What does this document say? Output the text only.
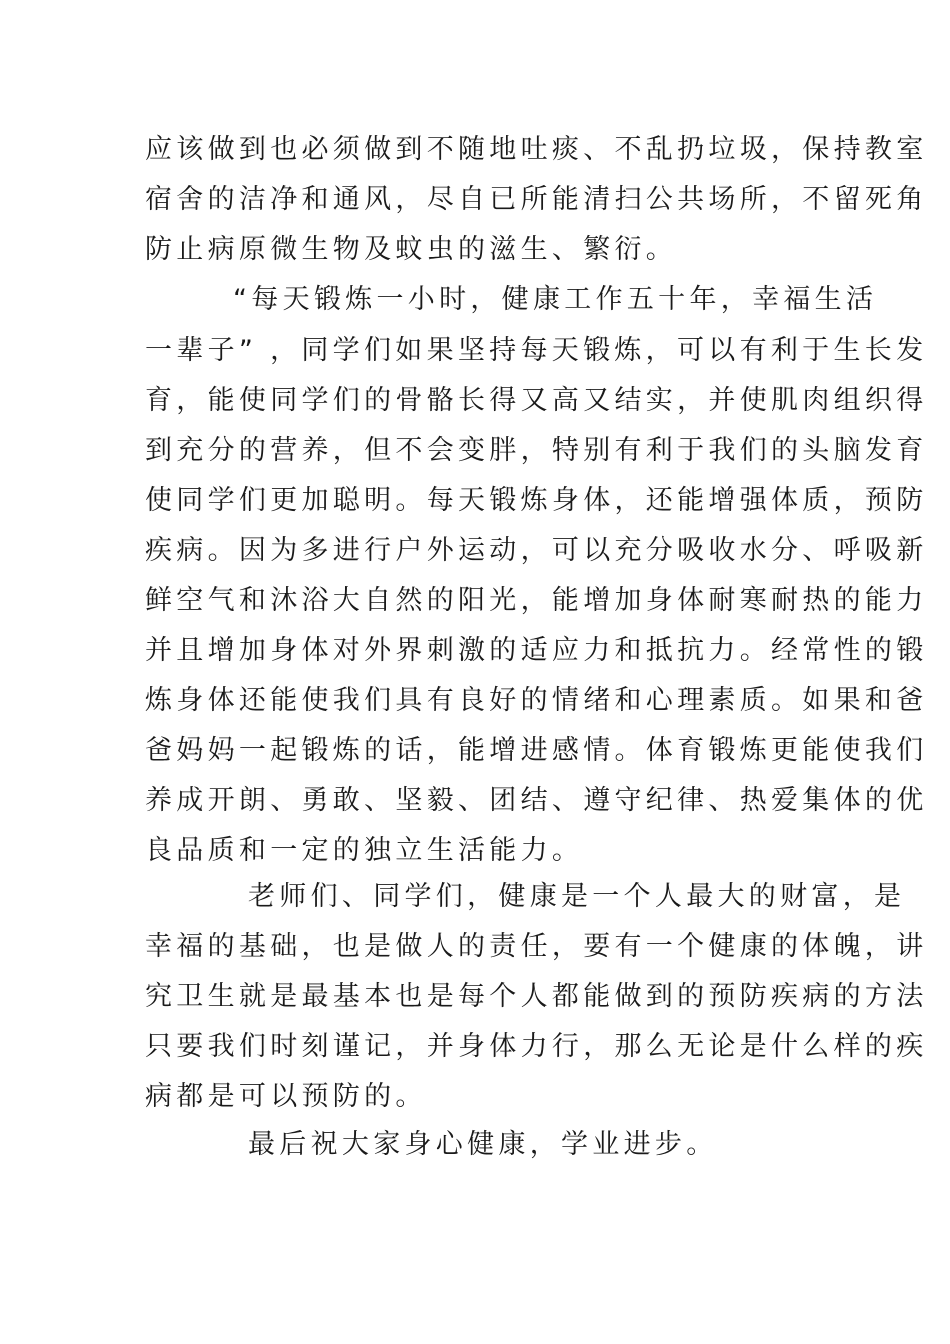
应该做到也必须做到不随地吐痰、不乱扔垃圾，保持教室
宿舍的洁净和通风，尽自已所能清扫公共场所，不留死角
防止病原微生物及蚊虫的滋生、繁衍。
“每天锻炼一小时，健康工作五十年，幸福生活
一辈子” ，同学们如果坚持每天锻炼，可以有利于生长发
育，能使同学们的骨骼长得又高又结实，并使肌肉组织得
到充分的营养，但不会变胖，特别有利于我们的头脑发育
使同学们更加聪明。每天锻炼身体，还能增强体质，预防
疾病。因为多进行户外运动，可以充分吸收水分、呼吸新
鲜空气和沐浴大自然的阳光，能增加身体耐寒耐热的能力
并且增加身体对外界刺激的适应力和抵抗力。经常性的锻
炼身体还能使我们具有良好的情绪和心理素质。如果和爸
爸妈妈一起锻炼的话，能增进感情。体育锻炼更能使我们
养成开朗、勇敢、坚毅、团结、遵守纪律、热爱集体的优
良品质和一定的独立生活能力。
老师们、同学们，健康是一个人最大的财富，是
幸福的基础，也是做人的责任，要有一个健康的体魄，讲
究卫生就是最基本也是每个人都能做到的预防疾病的方法
只要我们时刻谨记，并身体力行，那么无论是什么样的疾
病都是可以预防的。
最后祝大家身心健康，学业进步。
